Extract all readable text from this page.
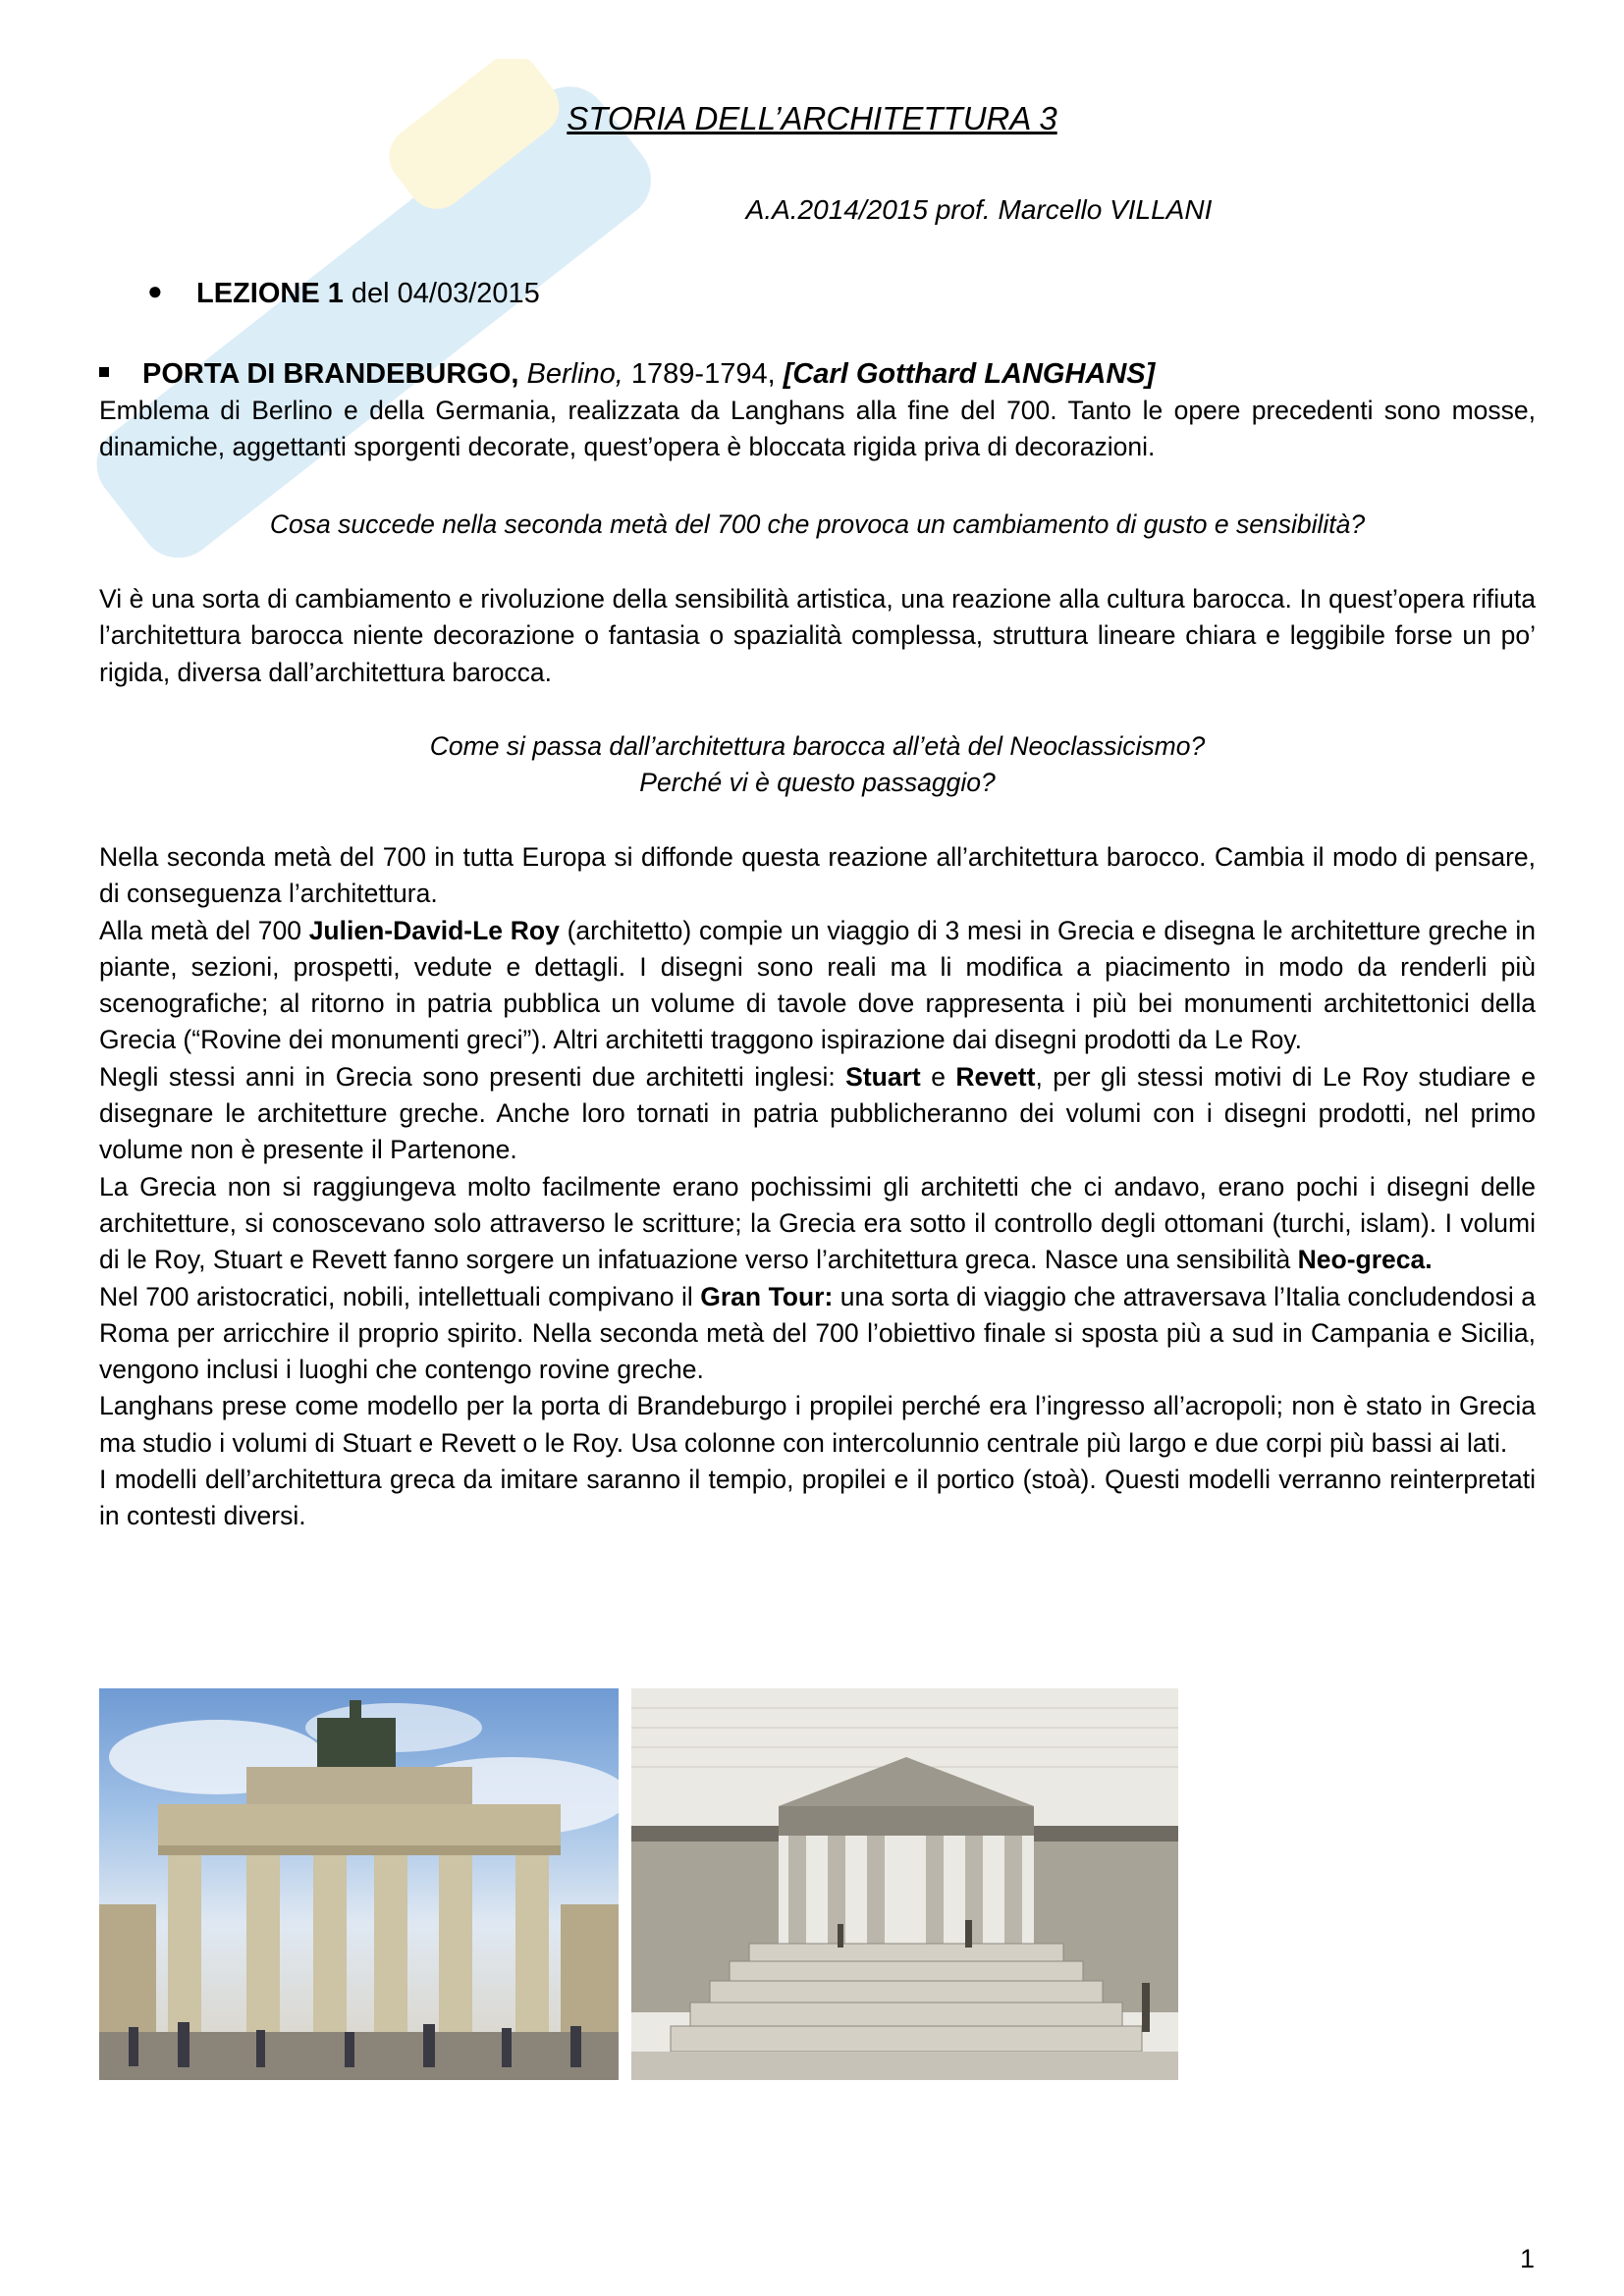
STORIA DELL’ARCHITETTURA 3
A.A.2014/2015 prof. Marcello VILLANI
● LEZIONE 1 del 04/03/2015
PORTA DI BRANDEBURGO, Berlino, 1789-1794, [Carl Gotthard LANGHANS]

Emblema di Berlino e della Germania, realizzata da Langhans alla fine del 700. Tanto le opere precedenti sono mosse, dinamiche, aggettanti sporgenti decorate, quest’opera è bloccata rigida priva di decorazioni.

Cosa succede nella seconda metà del 700 che provoca un cambiamento di gusto e sensibilità?

Vi è una sorta di cambiamento e rivoluzione della sensibilità artistica, una reazione alla cultura barocca. In quest’opera rifiuta l’architettura barocca niente decorazione o fantasia o spazialità complessa, struttura lineare chiara e leggibile forse un po’ rigida, diversa dall’architettura barocca.

Come si passa dall’architettura barocca all’età del Neoclassicismo?
Perché vi è questo passaggio?

Nella seconda metà del 700 in tutta Europa si diffonde questa reazione all’architettura barocco. Cambia il modo di pensare, di conseguenza l’architettura.

Alla metà del 700 Julien-David-Le Roy (architetto) compie un viaggio di 3 mesi in Grecia e disegna le architetture greche in piante, sezioni, prospetti, vedute e dettagli. I disegni sono reali ma li modifica a piacimento in modo da renderli più scenografiche; al ritorno in patria pubblica un volume di tavole dove rappresenta i più bei monumenti architettonici della Grecia (“Rovine dei monumenti greci”). Altri architetti traggono ispirazione dai disegni prodotti da Le Roy.

Negli stessi anni in Grecia sono presenti due architetti inglesi: Stuart e Revett, per gli stessi motivi di Le Roy studiare e disegnare le architetture greche. Anche loro tornati in patria pubblicheranno dei volumi con i disegni prodotti, nel primo volume non è presente il Partenone.

La Grecia non si raggiungeva molto facilmente erano pochissimi gli architetti che ci andavo, erano pochi i disegni delle architetture, si conoscevano solo attraverso le scritture; la Grecia era sotto il controllo degli ottomani (turchi, islam). I volumi di le Roy, Stuart e Revett fanno sorgere un infatuazione verso l’architettura greca. Nasce una sensibilità Neo-greca.

Nel 700 aristocratici, nobili, intellettuali compivano il Gran Tour: una sorta di viaggio che attraversava l’Italia concludendosi a Roma per arricchire il proprio spirito. Nella seconda metà del 700 l’obiettivo finale si sposta più a sud in Campania e Sicilia, vengono inclusi i luoghi che contengo rovine greche.

Langhans prese come modello per la porta di Brandeburgo i propilei perché era l’ingresso all’acropoli; non è stato in Grecia ma studio i volumi di Stuart e Revett o le Roy. Usa colonne con intercolunnio centrale più largo e due corpi più bassi ai lati.

I modelli dell’architettura greca da imitare saranno il tempio, propilei e il portico (stoà). Questi modelli verranno reinterpretati in contesti diversi.

1
